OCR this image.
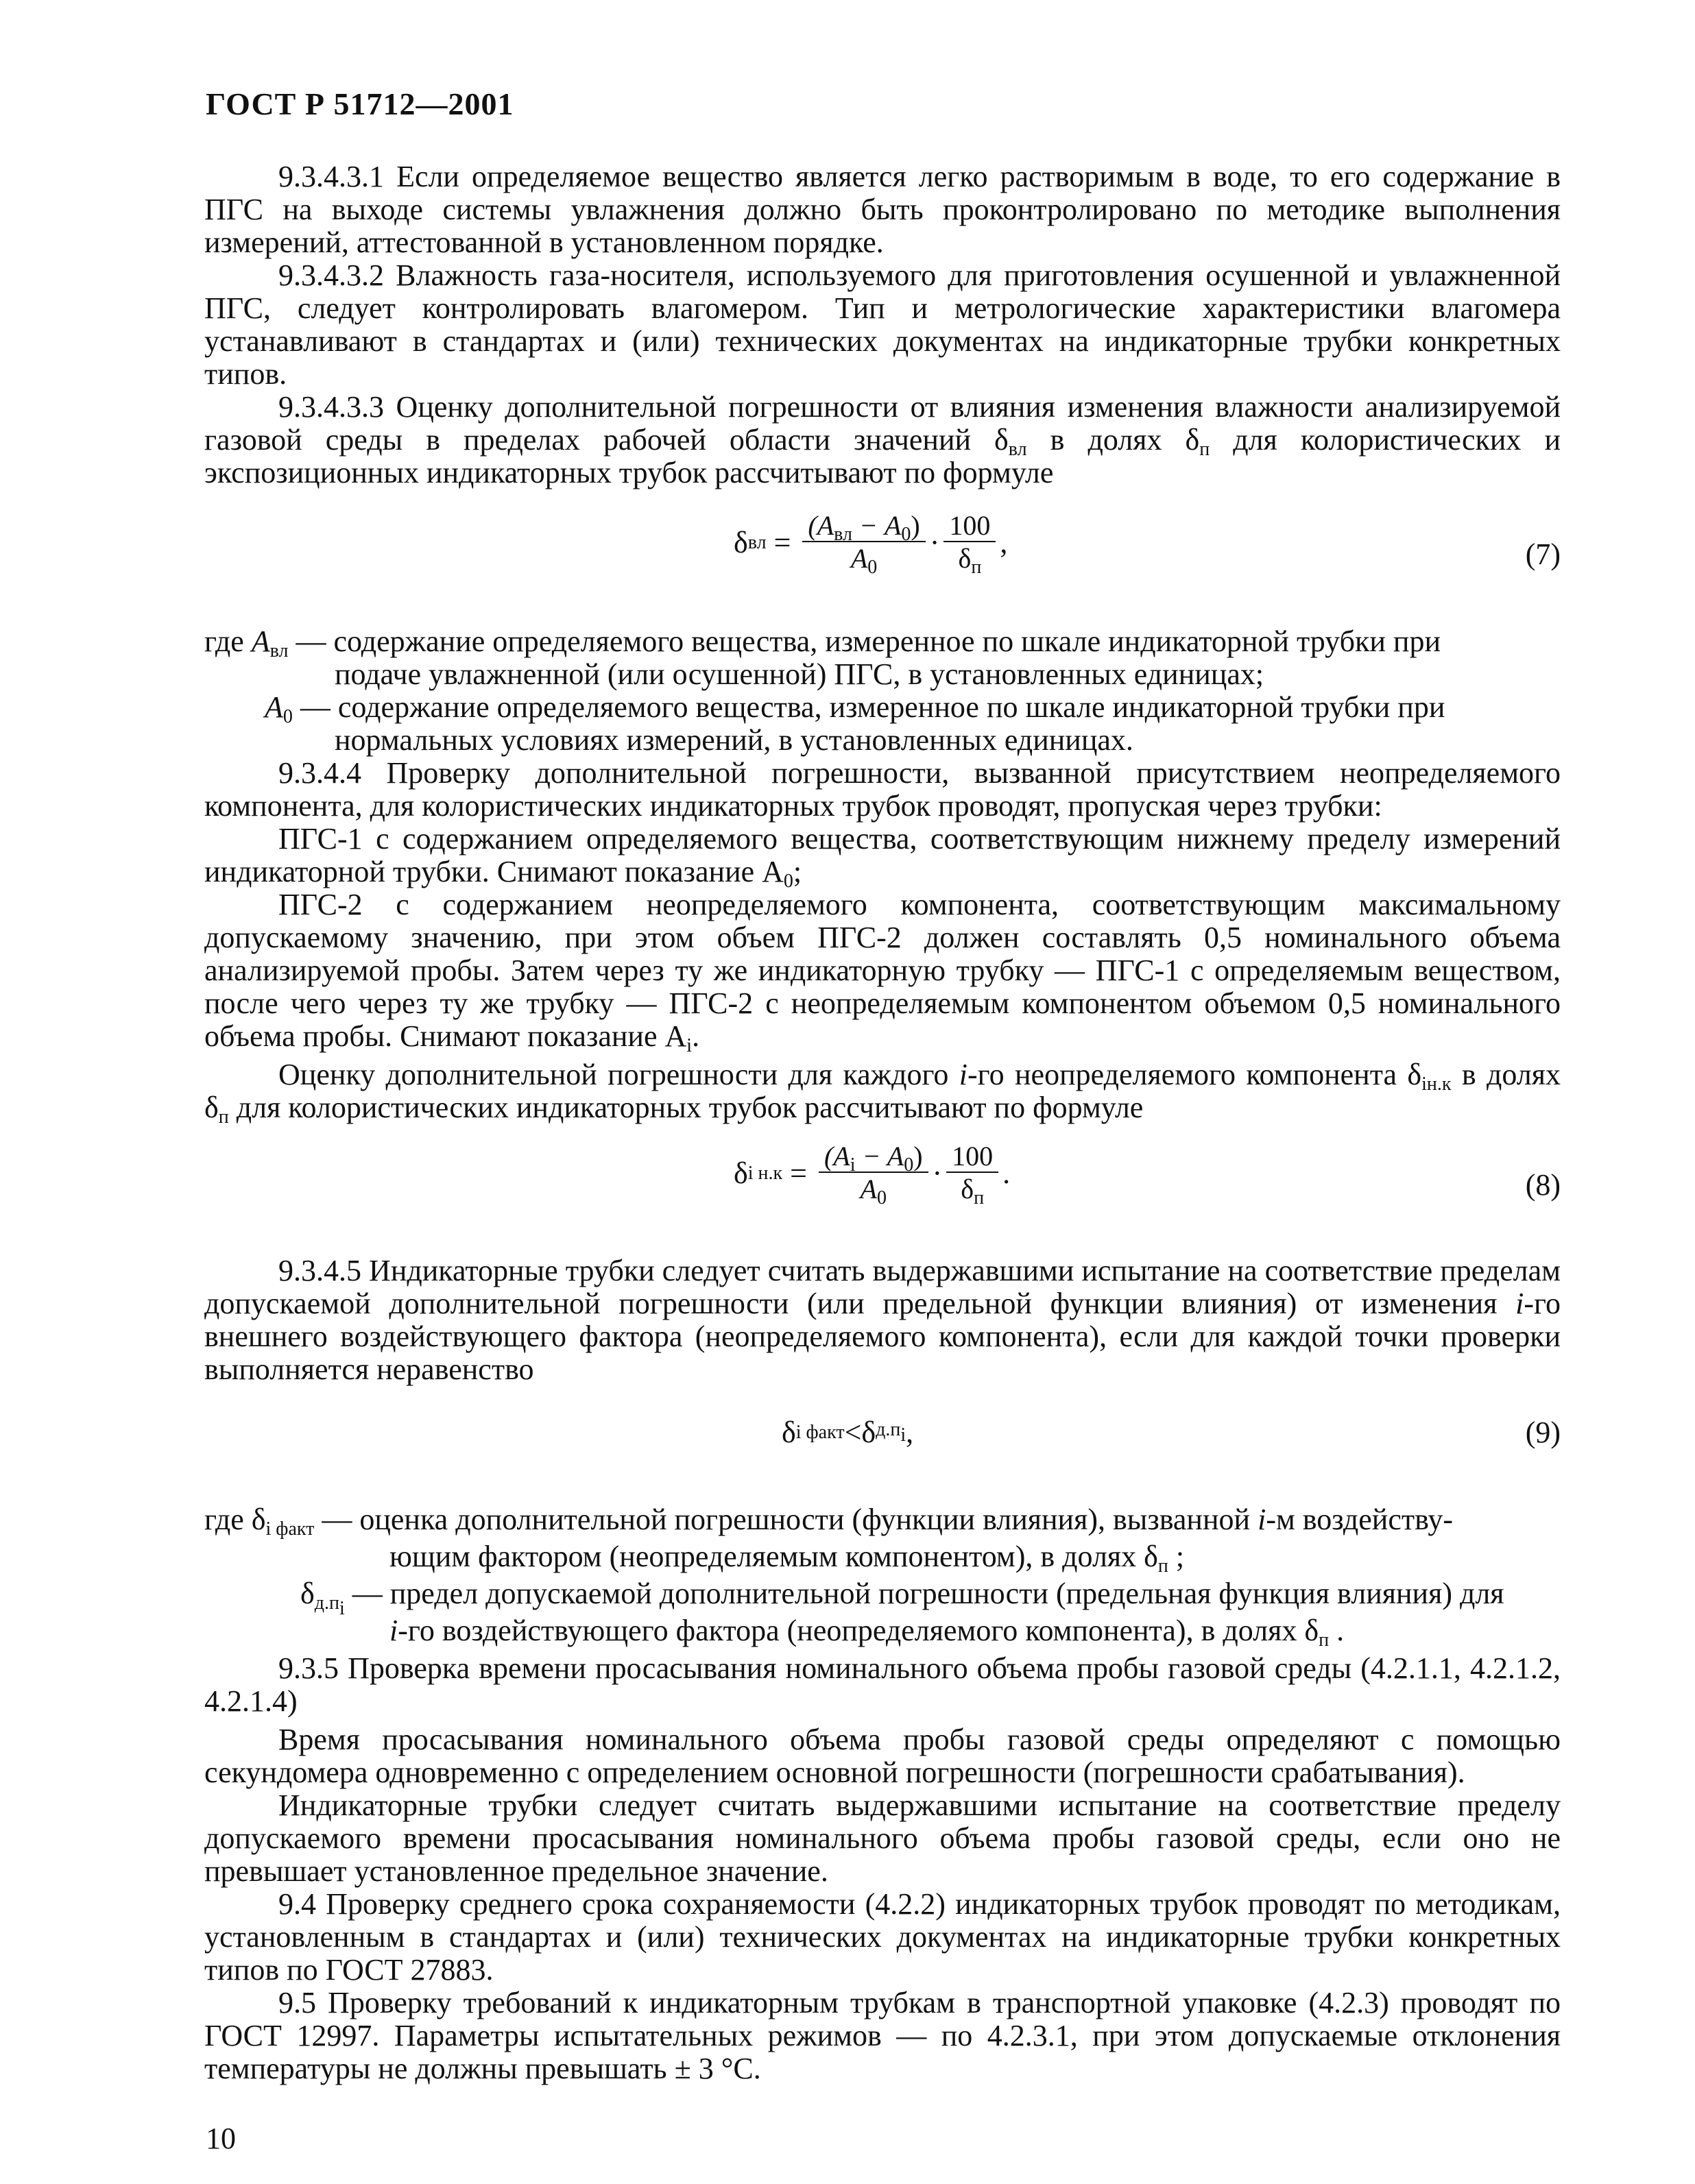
ГОСТ Р 51712—2001

9.3.4.3.1 Если определяемое вещество является легко растворимым в воде, то его содержание в ПГС на выходе системы увлажнения должно быть проконтролировано по методике выполнения измерений, аттестованной в установленном порядке.

9.3.4.3.2 Влажность газа-носителя, используемого для приготовления осушенной и увлажненной ПГС, следует контролировать влагомером. Тип и метрологические характеристики влагомера устанавливают в стандартах и (или) технических документах на индикаторные трубки конкретных типов.

9.3.4.3.3 Оценку дополнительной погрешности от влияния изменения влажности анализируемой газовой среды в пределах рабочей области значений $\delta_{вл}$ в долях $\delta_п$ для колористических и экспозиционных индикаторных трубок рассчитывают по формуле

δ вл = $\frac{(A_{вл} - A_0)}{A_0} \cdot \frac{100}{\delta_п}$ ,	(7)
где $A_{вл}$ — содержание определяемого вещества, измеренное по шкале индикаторной трубки при
подаче увлажненной (или осушенной) ПГС, в установленных единицах;
$A_0$ — содержание определяемого вещества, измеренное по шкале индикаторной трубки при
нормальных условиях измерений, в установленных единицах.

9.3.4.4 Проверку дополнительной погрешности, вызванной присутствием неопределяемого компонента, для колористических индикаторных трубок проводят, пропуская через трубки:

ПГС-1 с содержанием определяемого вещества, соответствующим нижнему пределу измерений индикаторной трубки. Снимают показание $A_0$;

ПГС-2 с содержанием неопределяемого компонента, соответствующим максимальному допускаемому значению, при этом объем ПГС-2 должен составлять 0,5 номинального объема анализируемой пробы. Затем через ту же индикаторную трубку — ПГС-1 с определяемым веществом, после чего через ту же трубку — ПГС-2 с неопределяемым компонентом объемом 0,5 номинального объема пробы. Снимают показание $A_i$.

Оценку дополнительной погрешности для каждого i-го неопределяемого компонента $\delta_{iн.к}$ в долях $\delta_п$ для колористических индикаторных трубок рассчитывают по формуле

δ i $н.к = \frac{(A_i - A_0)}{A_0} \cdot \frac{100}{\delta_п}$ .	(8)

9.3.4.5 Индикаторные трубки следует считать выдержавшими испытание на соответствие пределам допускаемой дополнительной погрешности (или предельной функции влияния) от изменения i-го внешнего воздействующего фактора (неопределяемого компонента), если для каждой точки проверки выполняется неравенство

δ i факт < δ $д.п_i$ ,	(9)
где $\delta_{i факт}$ — оценка дополнительной погрешности (функции влияния), вызванной i-м воздейству-
ющим фактором (неопределяемым компонентом), в долях $\delta_п$ ;
$\delta_{д.п_i}$ — предел допускаемой дополнительной погрешности (предельная функция влияния) для
i-го воздействующего фактора (неопределяемого компонента), в долях $\delta_п$ .

9.3.5 Проверка времени просасывания номинального объема пробы газовой среды (4.2.1.1, 4.2.1.2, 4.2.1.4)

Время просасывания номинального объема пробы газовой среды определяют с помощью секундомера одновременно с определением основной погрешности (погрешности срабатывания).

Индикаторные трубки следует считать выдержавшими испытание на соответствие пределу допускаемого времени просасывания номинального объема пробы газовой среды, если оно не превышает установленное предельное значение.

9.4 Проверку среднего срока сохраняемости (4.2.2) индикаторных трубок проводят по методикам, установленным в стандартах и (или) технических документах на индикаторные трубки конкретных типов по ГОСТ 27883.

9.5 Проверку требований к индикаторным трубкам в транспортной упаковке (4.2.3) проводят по ГОСТ 12997. Параметры испытательных режимов — по 4.2.3.1, при этом допускаемые отклонения температуры не должны превышать ± 3 °С.

10
